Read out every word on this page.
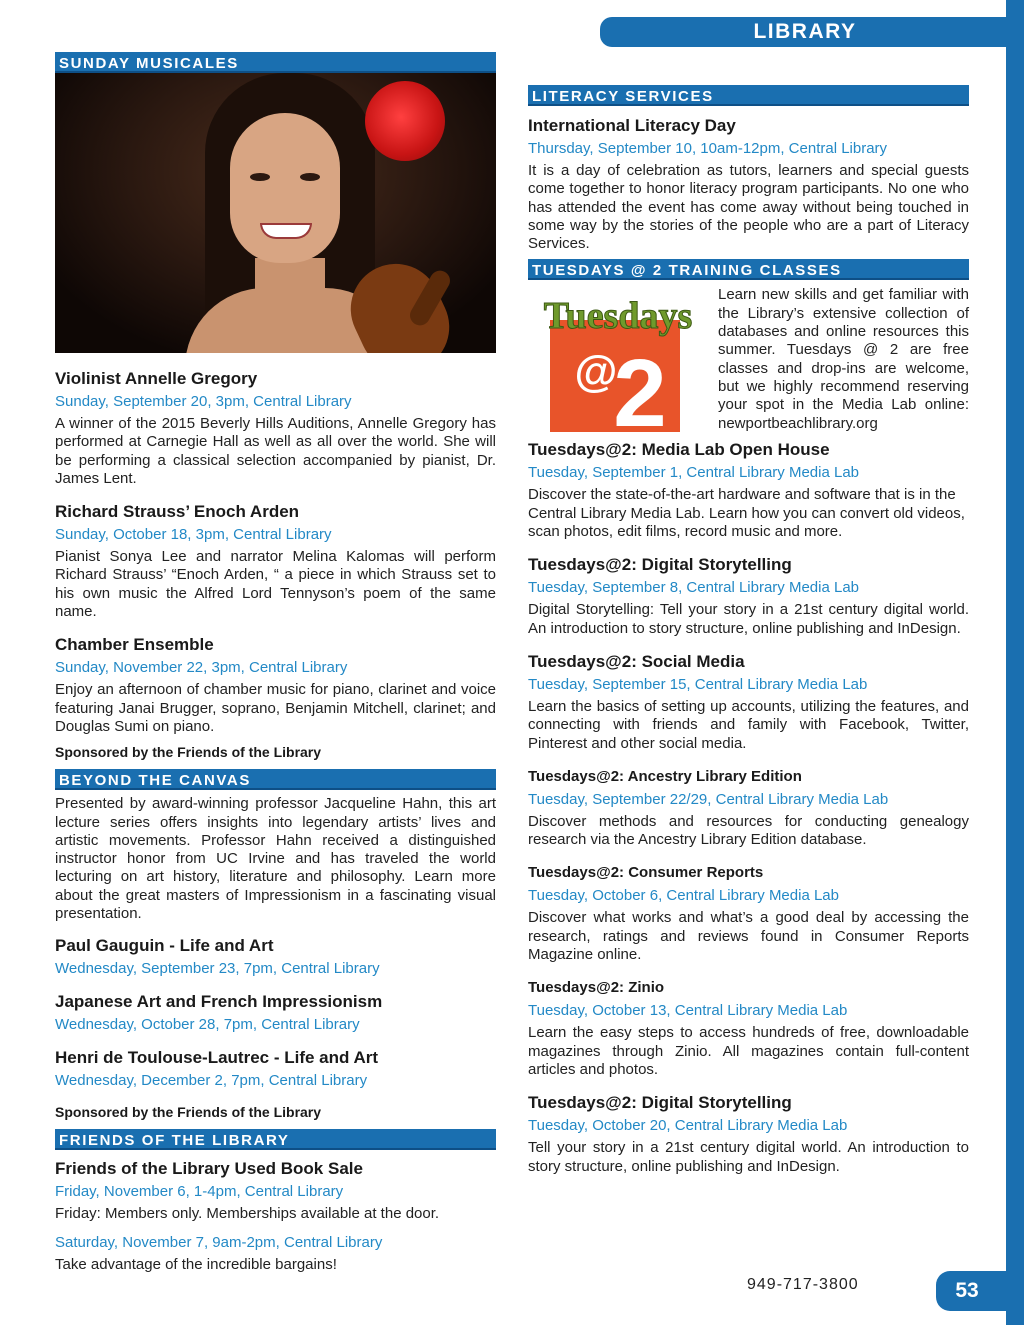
LIBRARY
SUNDAY MUSICALES
Violinist Annelle Gregory
Sunday, September 20, 3pm, Central Library
A winner of the 2015 Beverly Hills Auditions, Annelle Gregory has performed at Carnegie Hall as well as all over the world. She will be performing a classical selection accompanied by pianist, Dr. James Lent.
Richard Strauss’ Enoch Arden
Sunday, October 18, 3pm, Central Library
Pianist Sonya Lee and narrator Melina Kalomas will perform Richard Strauss’ “Enoch Arden, “ a piece in which Strauss set to his own music the Alfred Lord Tennyson’s poem of the same name.
Chamber Ensemble
Sunday, November 22, 3pm, Central Library
Enjoy an afternoon of chamber music for piano, clarinet and voice featuring Janai Brugger, soprano, Benjamin Mitchell, clarinet; and Douglas Sumi on piano.
Sponsored by the Friends of the Library
BEYOND THE CANVAS
Presented by award-winning professor Jacqueline Hahn, this art lecture series offers insights into legendary artists’ lives and artistic movements. Professor Hahn received a distinguished instructor honor from UC Irvine and has traveled the world lecturing on art history, literature and philosophy. Learn more about the great masters of Impressionism in a fascinating visual presentation.
Paul Gauguin - Life and Art
Wednesday, September 23, 7pm, Central Library
Japanese Art and French Impressionism
Wednesday, October 28, 7pm, Central Library
Henri de Toulouse-Lautrec - Life and Art
Wednesday, December 2, 7pm, Central Library
Sponsored by the Friends of the Library
FRIENDS OF THE LIBRARY
Friends of the Library Used Book Sale
Friday, November 6, 1-4pm, Central Library
Friday: Members only. Memberships available at the door.
Saturday, November 7, 9am-2pm, Central Library
Take advantage of the incredible bargains!
LITERACY SERVICES
International Literacy Day
Thursday, September 10, 10am-12pm, Central Library
It is a day of celebration as tutors, learners and special guests come together to honor literacy program participants. No one who has attended the event has come away without being touched in some way by the stories of the people who are a part of Literacy Services.
TUESDAYS @ 2 TRAINING CLASSES
Tuesdays
@
2
Learn new skills and get familiar with the Library’s extensive collection of databases and online resources this summer. Tuesdays @ 2 are free classes and drop-ins are welcome, but we highly recommend reserving your spot in the Media Lab online: newportbeachlibrary.org
Tuesdays@2: Media Lab Open House
Tuesday, September 1, Central Library Media Lab
Discover the state-of-the-art hardware and software that is in the Central Library Media Lab. Learn how you can convert old videos, scan photos, edit films, record music and more.
Tuesdays@2: Digital Storytelling
Tuesday, September 8, Central Library Media Lab
Digital Storytelling: Tell your story in a 21st century digital world. An introduction to story structure, online publishing and InDesign.
Tuesdays@2: Social Media
Tuesday, September 15, Central Library Media Lab
Learn the basics of setting up accounts, utilizing the features, and connecting with friends and family with Facebook, Twitter, Pinterest and other social media.
Tuesdays@2: Ancestry Library Edition
Tuesday, September 22/29, Central Library Media Lab
Discover methods and resources for conducting genealogy research via the Ancestry Library Edition database.
Tuesdays@2: Consumer Reports
Tuesday, October 6, Central Library Media Lab
Discover what works and what’s a good deal by accessing the research, ratings and reviews found in Consumer Reports Magazine online.
Tuesdays@2: Zinio
Tuesday, October 13, Central Library Media Lab
Learn the easy steps to access hundreds of free, downloadable magazines through Zinio. All magazines contain full-content articles and photos.
Tuesdays@2: Digital Storytelling
Tuesday, October 20, Central Library Media Lab
Tell your story in a 21st century digital world. An introduction to story structure, online publishing and InDesign.
949-717-3800	53
